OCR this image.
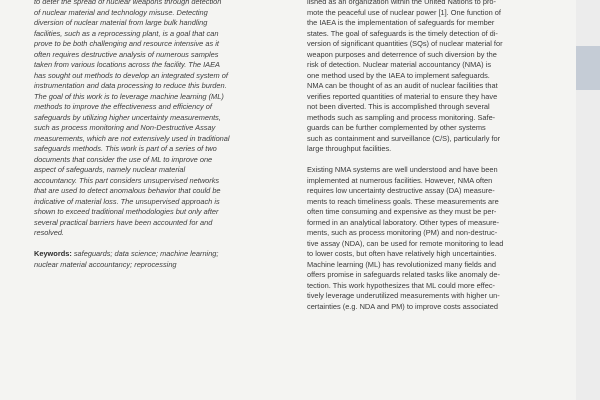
to deter the spread of nuclear weapons through detection
of nuclear material and technology misuse. Detecting
diversion of nuclear material from large bulk handling
facilities, such as a reprocessing plant, is a goal that can
prove to be both challenging and resource intensive as it
often requires destructive analysis of numerous samples
taken from various locations across the facility. The IAEA
has sought out methods to develop an integrated system of
instrumentation and data processing to reduce this burden.
The goal of this work is to leverage machine learning (ML)
methods to improve the effectiveness and efficiency of
safeguards by utilizing higher uncertainty measurements,
such as process monitoring and Non-Destructive Assay
measurements, which are not extensively used in traditional
safeguards methods. This work is part of a series of two
documents that consider the use of ML to improve one
aspect of safeguards, namely nuclear material
accountancy. This part considers unsupervised networks
that are used to detect anomalous behavior that could be
indicative of material loss. The unsupervised approach is
shown to exceed traditional methodologies but only after
several practical barriers have been accounted for and
resolved.
Keywords: safeguards; data science; machine learning;
nuclear material accountancy; reprocessing
lished as an organization within the United Nations to pro-
mote the peaceful use of nuclear power [1]. One function of
the IAEA is the implementation of safeguards for member
states. The goal of safeguards is the timely detection of di-
version of significant quantities (SQs) of nuclear material for
weapon purposes and deterrence of such diversion by the
risk of detection. Nuclear material accountancy (NMA) is
one method used by the IAEA to implement safeguards.
NMA can be thought of as an audit of nuclear facilities that
verifies reported quantities of material to ensure they have
not been diverted. This is accomplished through several
methods such as sampling and process monitoring. Safe-
guards can be further complemented by other systems
such as containment and surveillance (C/S), particularly for
large throughput facilities.
Existing NMA systems are well understood and have been
implemented at numerous facilities. However, NMA often
requires low uncertainty destructive assay (DA) measure-
ments to reach timeliness goals. These measurements are
often time consuming and expensive as they must be per-
formed in an analytical laboratory. Other types of measure-
ments, such as process monitoring (PM) and non-destruc-
tive assay (NDA), can be used for remote monitoring to lead
to lower costs, but often have relatively high uncertainties.
Machine learning (ML) has revolutionized many fields and
offers promise in safeguards related tasks like anomaly de-
tection. This work hypothesizes that ML could more effec-
tively leverage underutilized measurements with higher un-
certainties (e.g. NDA and PM) to improve costs associated
